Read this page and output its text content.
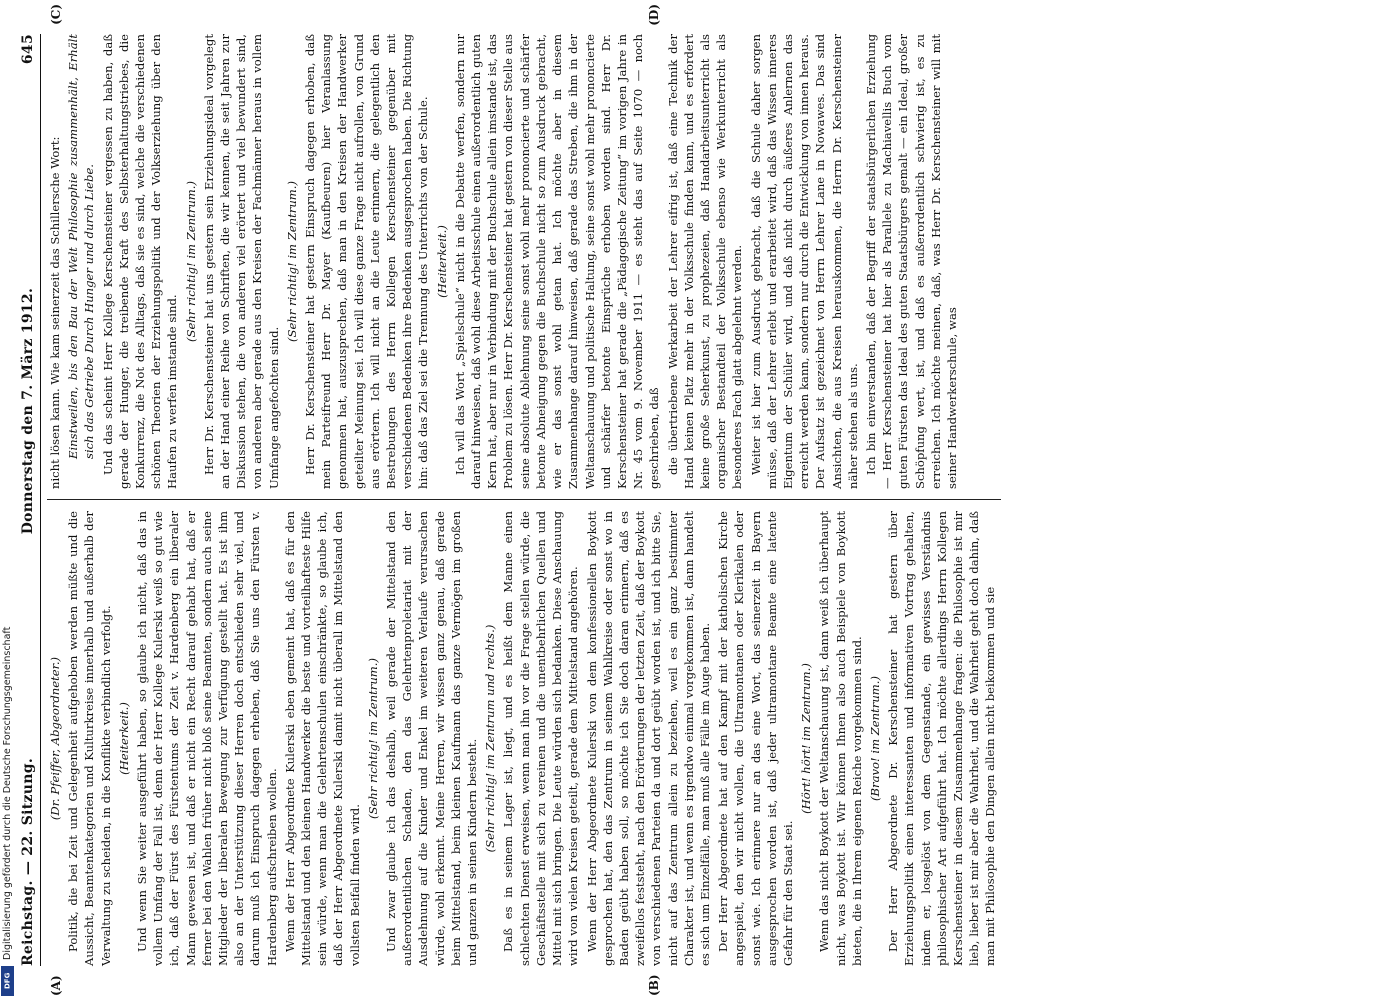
Reichstag. — 22. Sitzung.
Donnerstag den 7. März 1912.
645

(Dr. Pfeiffer, Abgeordneter.) Politik, die bei Zeit und Gelegenheit aufgehoben werden müßte und die Aussicht, Beamtenkategorien und Kulturkreise innerhalb und außerhalb der Verwaltung zu scheiden, in die Konflikte verbindlich verfolgt. (Heiterkeit.) Und wenn Sie weiter ausgeführt haben, so glaube ich nicht, daß das in vollem Umfang der Fall ist, denn der Herr Kollege Kulerski weiß so gut wie ich, daß der Fürst des Fürstentums der Zeit v. Hardenberg ein liberaler Mann gewesen ist, und daß er nicht ein Recht darauf gehabt hat, daß er ferner bei den Wahlen früher nicht bloß seine Beamten, sondern auch seine Mitglieder der liberalen Bewegung zur Verfügung gestellt hat. Es ist ihm also an der Unterstützung dieser Herren doch entschieden sehr viel, und darum muß ich Einspruch dagegen erheben, daß Sie uns den Fürsten v. Hardenberg aufschreiben wollen. Wenn der Herr Abgeordnete Kulerski eben gemeint hat, daß es für den Mittelstand und den kleinen Handwerker die beste und vorteilhafteste Hilfe sein würde, wenn man die Gelehrtenschulen einschränkte, so glaube ich, daß der Herr Abgeordnete Kulerski damit nicht überall im Mittelstand den vollsten Beifall finden wird.

(Sehr richtig! im Zentrum.) Und zwar glaube ich das deshalb, weil gerade der Mittelstand den außerordentlichen Schaden, den das Gelehrtenproletariat mit der Ausdehnung auf die Kinder und Enkel im weiteren Verlaufe verursachen würde, wohl erkennt. Meine Herren, wir wissen ganz genau, daß gerade beim Mittelstand, beim kleinen Kaufmann das ganze Vermögen im großen und ganzen in seinen Kindern besteht.

(Sehr richtig! im Zentrum und rechts.) Daß es in seinem Lager ist, liegt, und es heißt dem Manne einen schlechten Dienst erweisen, wenn man ihn vor die Frage stellen würde, die Geschäftsstelle mit sich zu vereinen und die unentbehrlichen Quellen und Mittel mit sich bringen. Die Leute würden sich bedanken. Diese Anschauung wird von vielen Kreisen geteilt, gerade dem Mittelstand angehören. Wenn der Herr Abgeordnete Kulerski von dem konfessionellen Boykott gesprochen hat, den das Zentrum in seinem Wahlkreise oder sonst wo in Baden geübt haben soll, so möchte ich Sie doch daran erinnern, daß es zweifellos feststeht, nach den Erörterungen der letzten Zeit, daß der Boykott von verschiedenen Parteien da und dort geübt worden ist, und ich bitte Sie, nicht auf das Zentrum allein zu beziehen, weil es ein ganz bestimmter Charakter ist, und wenn es irgendwo einmal vorgekommen ist, dann handelt es sich um Einzelfälle, man muß alle Fälle im Auge haben. Der Herr Abgeordnete hat auf den Kampf mit der katholischen Kirche angespielt, den wir nicht wollen, die Ultramontanen oder Klerikalen oder sonst wie. Ich erinnere nur an das eine Wort, das seinerzeit in Bayern ausgesprochen worden ist, daß jeder ultramontane Beamte eine latente Gefahr für den Staat sei.

(Hört! hört! im Zentrum.) Wenn das nicht Boykott der Weltanschauung ist, dann weiß ich überhaupt nicht, was Boykott ist. Wir können Ihnen also auch Beispiele von Boykott bieten, die in Ihrem eigenen Reiche vorgekommen sind. (Bravo! im Zentrum.) Der Herr Abgeordnete Dr. Kerschensteiner hat gestern über Erziehungspolitik einen interessanten und informativen Vortrag gehalten, indem er, losgelöst von dem Gegenstande, ein gewisses Verständnis philosophischer Art aufgeführt hat. Ich möchte allerdings Herrn Kollegen Kerschensteiner in diesem Zusammenhange fragen: die Philosophie ist mir lieb, lieber ist mir aber die Wahrheit, und die Wahrheit geht doch dahin, daß man mit Philosophie den Dingen allein nicht beikommen und sie

nicht lösen kann. Wie kam seinerzeit das Schillersche Wort: Einstweilen, bis den Bau der Welt Philosophie zusammenhält, Erhält sich das Getriebe Durch Hunger und durch Liebe. Und das scheint Herr Kollege Kerschensteiner vergessen zu haben, daß gerade der Hunger, die treibende Kraft des Selbsterhaltungstriebes, die Konkurrenz, die Not des Alltags, daß sie es sind, welche die verschiedenen schönen Theorien der Erziehungspolitik und der Volkserziehung über den Haufen zu werfen imstande sind.

(Sehr richtig! im Zentrum.) Herr Dr. Kerschensteiner hat uns gestern sein Erziehungsideal vorgelegt an der Hand einer Reihe von Schriften, die wir kennen, die seit Jahren zur Diskussion stehen, die von anderen viel erörtert und viel bewundert sind, von anderen aber gerade aus den Kreisen der Fachmänner heraus in vollem Umfange angefochten sind.

(Sehr richtig! im Zentrum.) Herr Dr. Kerschensteiner hat gestern Einspruch dagegen erhoben, daß mein Parteifreund Herr Dr. Mayer (Kaufbeuren) hier Veranlassung genommen hat, auszusprechen, daß man in den Kreisen der Handwerker geteilter Meinung sei. Ich will diese ganze Frage nicht aufrollen, von Grund aus erörtern. Ich will nicht an die Leute erinnern, die gelegentlich den Bestrebungen des Herrn Kollegen Kerschensteiner gegenüber mit verschiedenen Bedenken ihre Bedenken ausgesprochen haben. Die Richtung hin: daß das Ziel sei die Trennung des Unterrichts von der Schule. (Heiterkeit.) Ich will das Wort „Spielschule“ nicht in die Debatte werfen, sondern nur darauf hinweisen, daß wohl diese Arbeitsschule einen außerordentlich guten Kern hat, aber nur in Verbindung mit der Buchschule allein imstande ist, das Problem zu lösen. Herr Dr. Kerschensteiner hat gestern von dieser Stelle aus seine absolute Ablehnung seine sonst wohl mehr prononcierte und schärfer betonte Abneigung gegen die Buchschule nicht so zum Ausdruck gebracht, wie er das sonst wohl getan hat. Ich möchte aber in diesem Zusammenhange darauf hinweisen, daß gerade das Streben, die ihm in der Weltanschauung und politische Haltung, seine sonst wohl mehr prononcierte und schärfer betonte Einsprüche erhoben worden sind. Herr Dr. Kerschensteiner hat gerade die „Pädagogische Zeitung“ im vorigen Jahre in Nr. 45 vom 9. November 1911 — es steht das auf Seite 1070 — noch geschrieben, daß die übertriebene Werkarbeit der Lehrer eifrig ist, daß eine Technik der Hand keinen Platz mehr in der Volksschule finden kann, und es erfordert keine große Seherkunst, zu prophezeien, daß Handarbeitsunterricht als organischer Bestandteil der Volksschule ebenso wie Werkunterricht als besonderes Fach glatt abgelehnt werden. Weiter ist hier zum Ausdruck gebracht, daß die Schule daher sorgen müsse, daß der Lehrer erlebt und erarbeitet wird, daß das Wissen inneres Eigentum der Schüler wird, und daß nicht durch äußeres Anlernen das erreicht werden kann, sondern nur durch die Entwicklung von innen heraus. Der Aufsatz ist gezeichnet von Herrn Lehrer Lane in Nowawes. Das sind Ansichten, die aus Kreisen herauskommen, die Herrn Dr. Kerschensteiner näher stehen als uns. Ich bin einverstanden, daß der Begriff der staatsbürgerlichen Erziehung — Herr Kerschensteiner hat hier als Parallele zu Machiavellis Buch vom guten Fürsten das Ideal des guten Staatsbürgers gemalt — ein Ideal, großer Schöpfung wert, ist, und daß es außerordentlich schwierig ist, es zu erreichen. Ich möchte meinen, daß, was Herr Dr. Kerschensteiner will mit seiner Handwerkerschule, was

(A)	(B)
(C)	(D)
Digitalisierung gefördert durch die Deutsche Forschungsgemeinschaft
DFG
